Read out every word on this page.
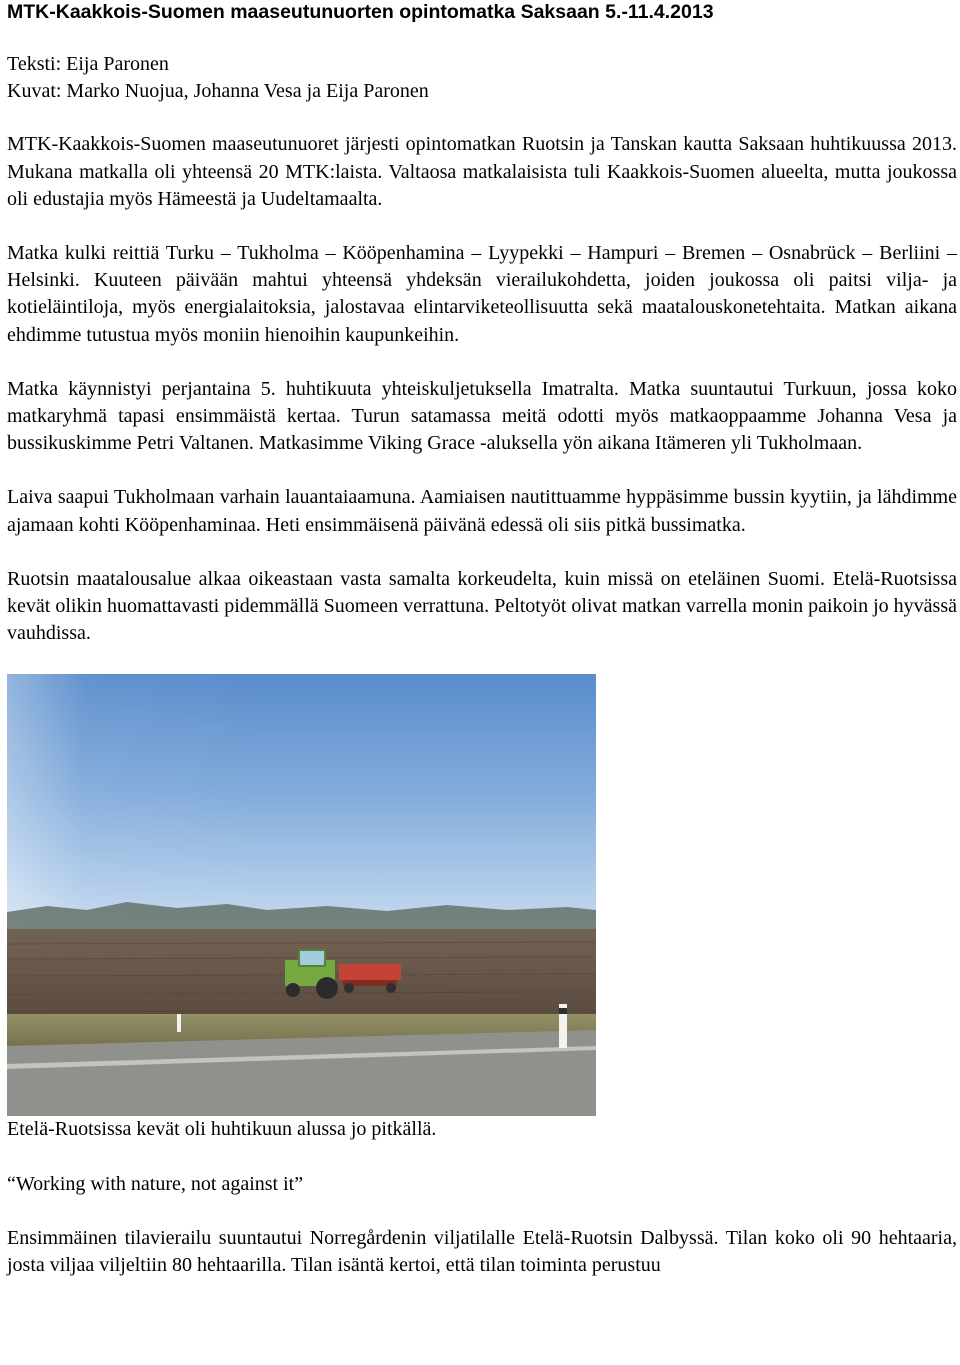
MTK-Kaakkois-Suomen maaseutunuorten opintomatka Saksaan 5.-11.4.2013

Teksti: Eija Paronen

Kuvat: Marko Nuojua, Johanna Vesa ja Eija Paronen

MTK-Kaakkois-Suomen maaseutunuoret järjesti opintomatkan Ruotsin ja Tanskan kautta Saksaan huhtikuussa 2013. Mukana matkalla oli yhteensä 20 MTK:laista. Valtaosa matkalaisista tuli Kaakkois-Suomen alueelta, mutta joukossa oli edustajia myös Hämeestä ja Uudeltamaalta.

Matka kulki reittiä Turku – Tukholma – Kööpenhamina – Lyypekki – Hampuri – Bremen – Osnabrück – Berliini – Helsinki. Kuuteen päivään mahtui yhteensä yhdeksän vierailukohdetta, joiden joukossa oli paitsi vilja- ja kotieläintiloja, myös energialaitoksia, jalostavaa elintarviketeollisuutta sekä maatalouskonetehtaita. Matkan aikana ehdimme tutustua myös moniin hienoihin kaupunkeihin.

Matka käynnistyi perjantaina 5. huhtikuuta yhteiskuljetuksella Imatralta. Matka suuntautui Turkuun, jossa koko matkaryhmä tapasi ensimmäistä kertaa. Turun satamassa meitä odotti myös matkaoppaamme Johanna Vesa ja bussikuskimme Petri Valtanen. Matkasimme Viking Grace -aluksella yön aikana Itämeren yli Tukholmaan.

Laiva saapui Tukholmaan varhain lauantaiaamuna. Aamiaisen nautittuamme hyppäsimme bussin kyytiin, ja lähdimme ajamaan kohti Kööpenhaminaa. Heti ensimmäisenä päivänä edessä oli siis pitkä bussimatka.

Ruotsin maatalousalue alkaa oikeastaan vasta samalta korkeudelta, kuin missä on eteläinen Suomi. Etelä-Ruotsissa kevät olikin huomattavasti pidemmällä Suomeen verrattuna. Peltotyöt olivat matkan varrella monin paikoin jo hyvässä vauhdissa.

Etelä-Ruotsissa kevät oli huhtikuun alussa jo pitkällä.

“Working with nature, not against it”

Ensimmäinen tilavierailu suuntautui Norregårdenin viljatilalle Etelä-Ruotsin Dalbyssä. Tilan koko oli 90 hehtaaria, josta viljaa viljeltiin 80 hehtaarilla. Tilan isäntä kertoi, että tilan toiminta perustuu
